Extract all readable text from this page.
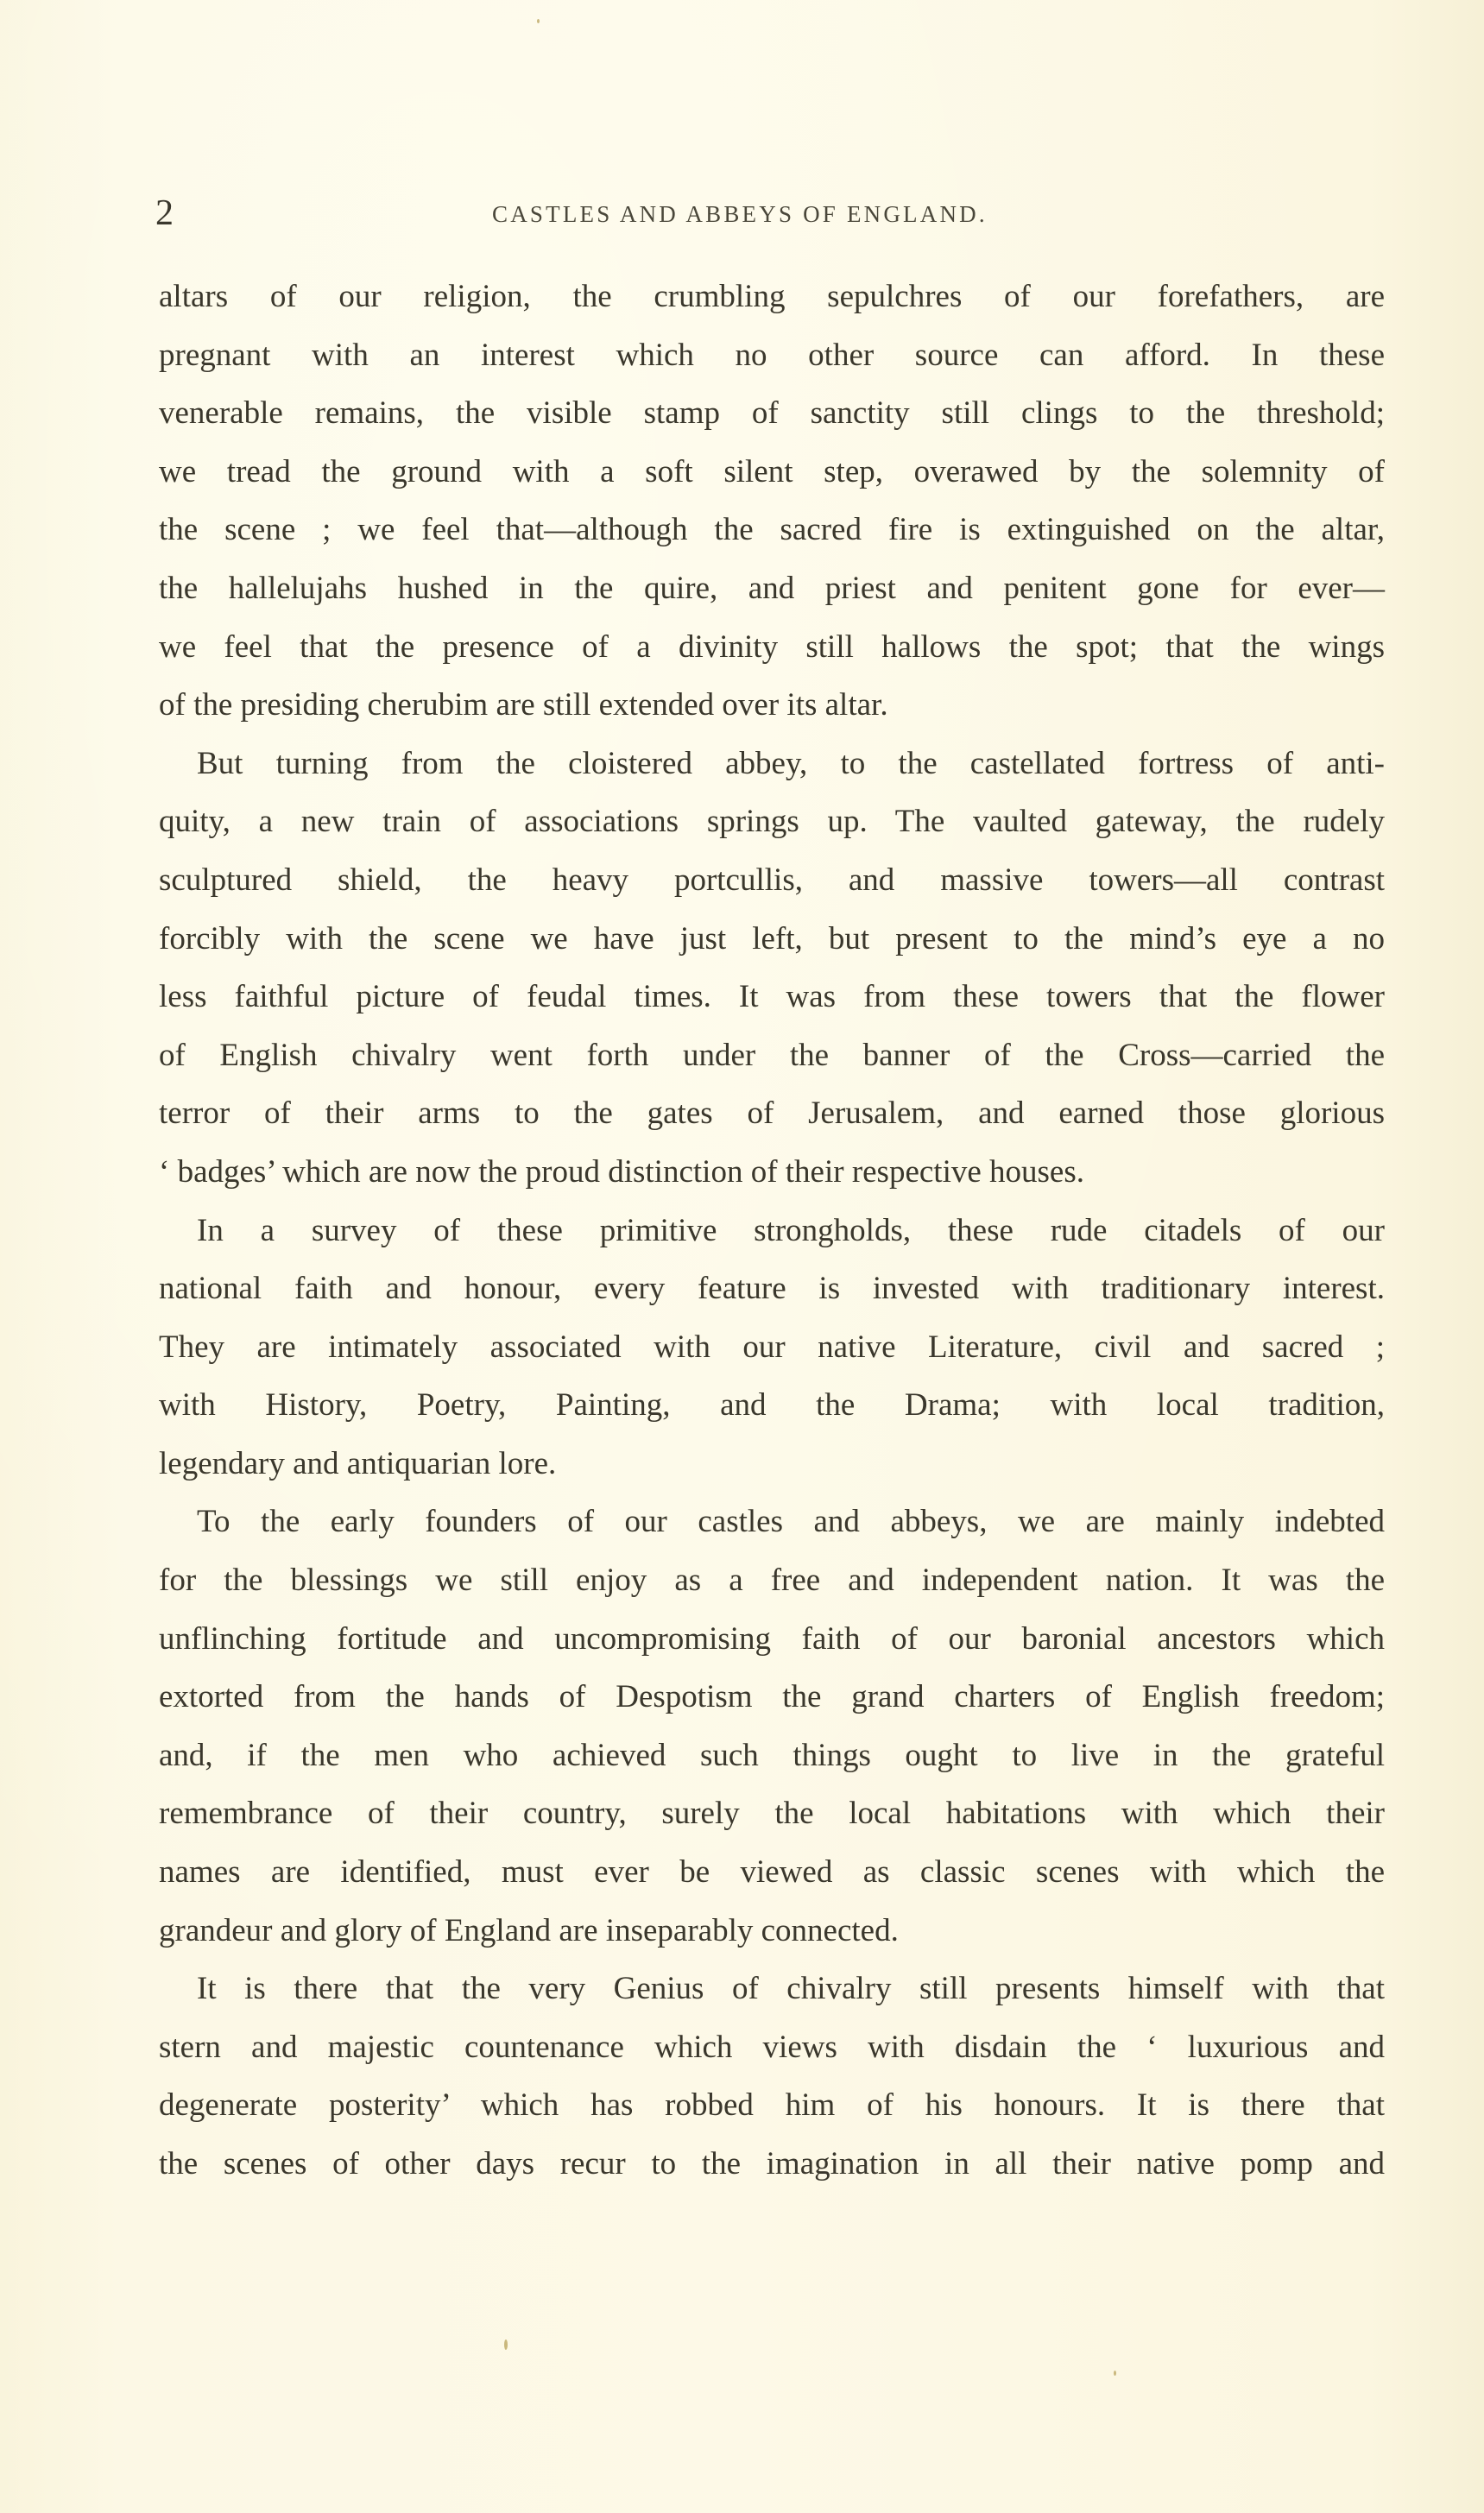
2	CASTLES AND ABBEYS OF ENGLAND.
altars of our religion, the crumbling sepulchres of our forefathers, are
pregnant with an interest which no other source can afford. In these
venerable remains, the visible stamp of sanctity still clings to the threshold;
we tread the ground with a soft silent step, overawed by the solemnity of
the scene ; we feel that—although the sacred fire is extinguished on the altar,
the hallelujahs hushed in the quire, and priest and penitent gone for ever—
we feel that the presence of a divinity still hallows the spot; that the wings
of the presiding cherubim are still extended over its altar.
But turning from the cloistered abbey, to the castellated fortress of anti-
quity, a new train of associations springs up. The vaulted gateway, the rudely
sculptured shield, the heavy portcullis, and massive towers—all contrast
forcibly with the scene we have just left, but present to the mind’s eye a no
less faithful picture of feudal times. It was from these towers that the flower
of English chivalry went forth under the banner of the Cross—carried the
terror of their arms to the gates of Jerusalem, and earned those glorious
‘ badges’ which are now the proud distinction of their respective houses.
In a survey of these primitive strongholds, these rude citadels of our
national faith and honour, every feature is invested with traditionary interest.
They are intimately associated with our native Literature, civil and sacred ;
with History, Poetry, Painting, and the Drama; with local tradition,
legendary and antiquarian lore.
To the early founders of our castles and abbeys, we are mainly indebted
for the blessings we still enjoy as a free and independent nation. It was the
unflinching fortitude and uncompromising faith of our baronial ancestors which
extorted from the hands of Despotism the grand charters of English freedom;
and, if the men who achieved such things ought to live in the grateful
remembrance of their country, surely the local habitations with which their
names are identified, must ever be viewed as classic scenes with which the
grandeur and glory of England are inseparably connected.
It is there that the very Genius of chivalry still presents himself with that
stern and majestic countenance which views with disdain the ‘ luxurious and
degenerate posterity’ which has robbed him of his honours. It is there that
the scenes of other days recur to the imagination in all their native pomp and
